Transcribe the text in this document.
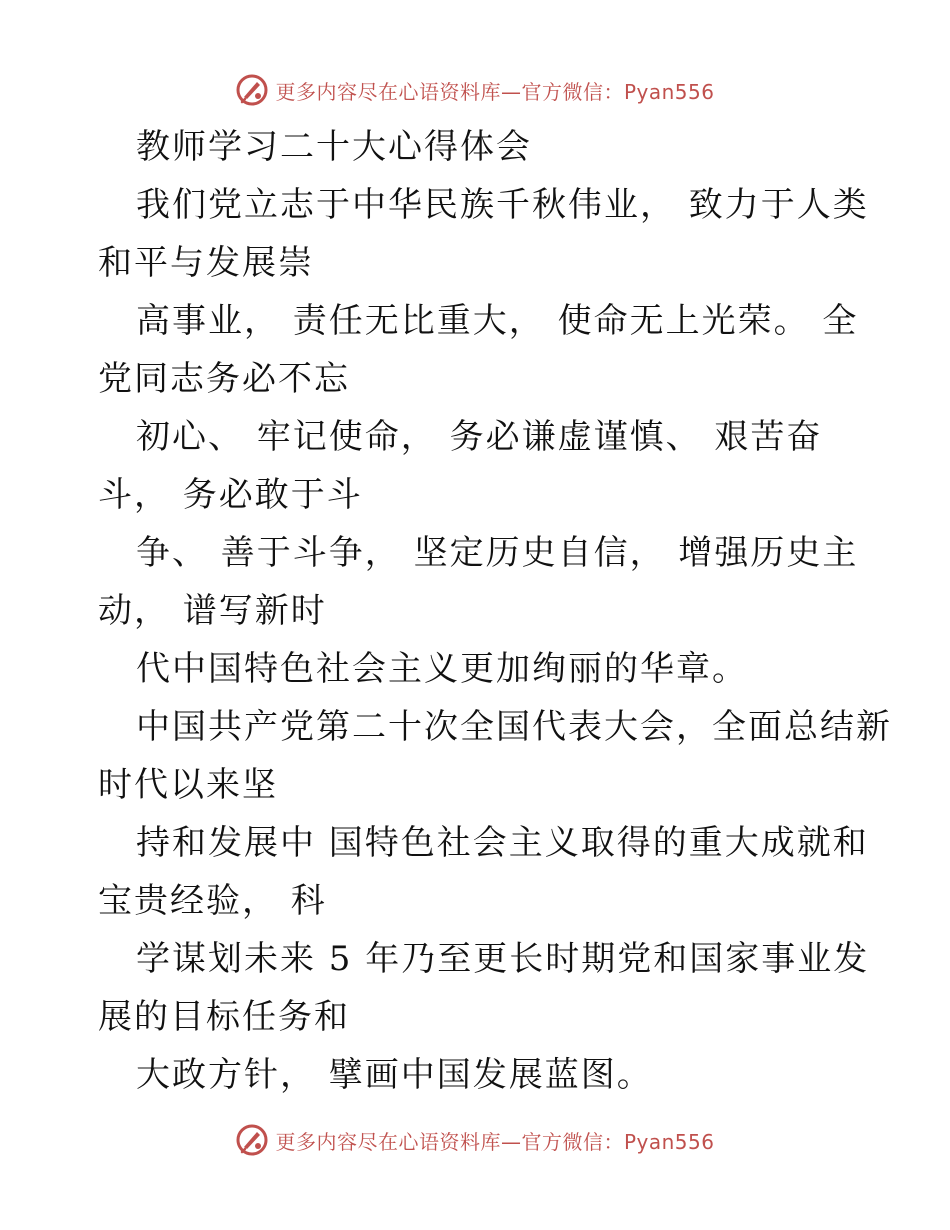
更多内容尽在心语资料库—官方微信：Pyan556
教师学习二十大心得体会
我们党立志于中华民族千秋伟业， 致力于人类
和平与发展崇
高事业， 责任无比重大， 使命无上光荣。 全
党同志务必不忘
初心、 牢记使命， 务必谦虚谨慎、 艰苦奋
斗， 务必敢于斗
争、 善于斗争， 坚定历史自信， 增强历史主
动， 谱写新时
代中国特色社会主义更加绚丽的华章。
中国共产党第二十次全国代表大会，全面总结新
时代以来坚
持和发展中 国特色社会主义取得的重大成就和
宝贵经验， 科
学谋划未来 5 年乃至更长时期党和国家事业发
展的目标任务和
大政方针， 擘画中国发展蓝图。
更多内容尽在心语资料库—官方微信：Pyan556
